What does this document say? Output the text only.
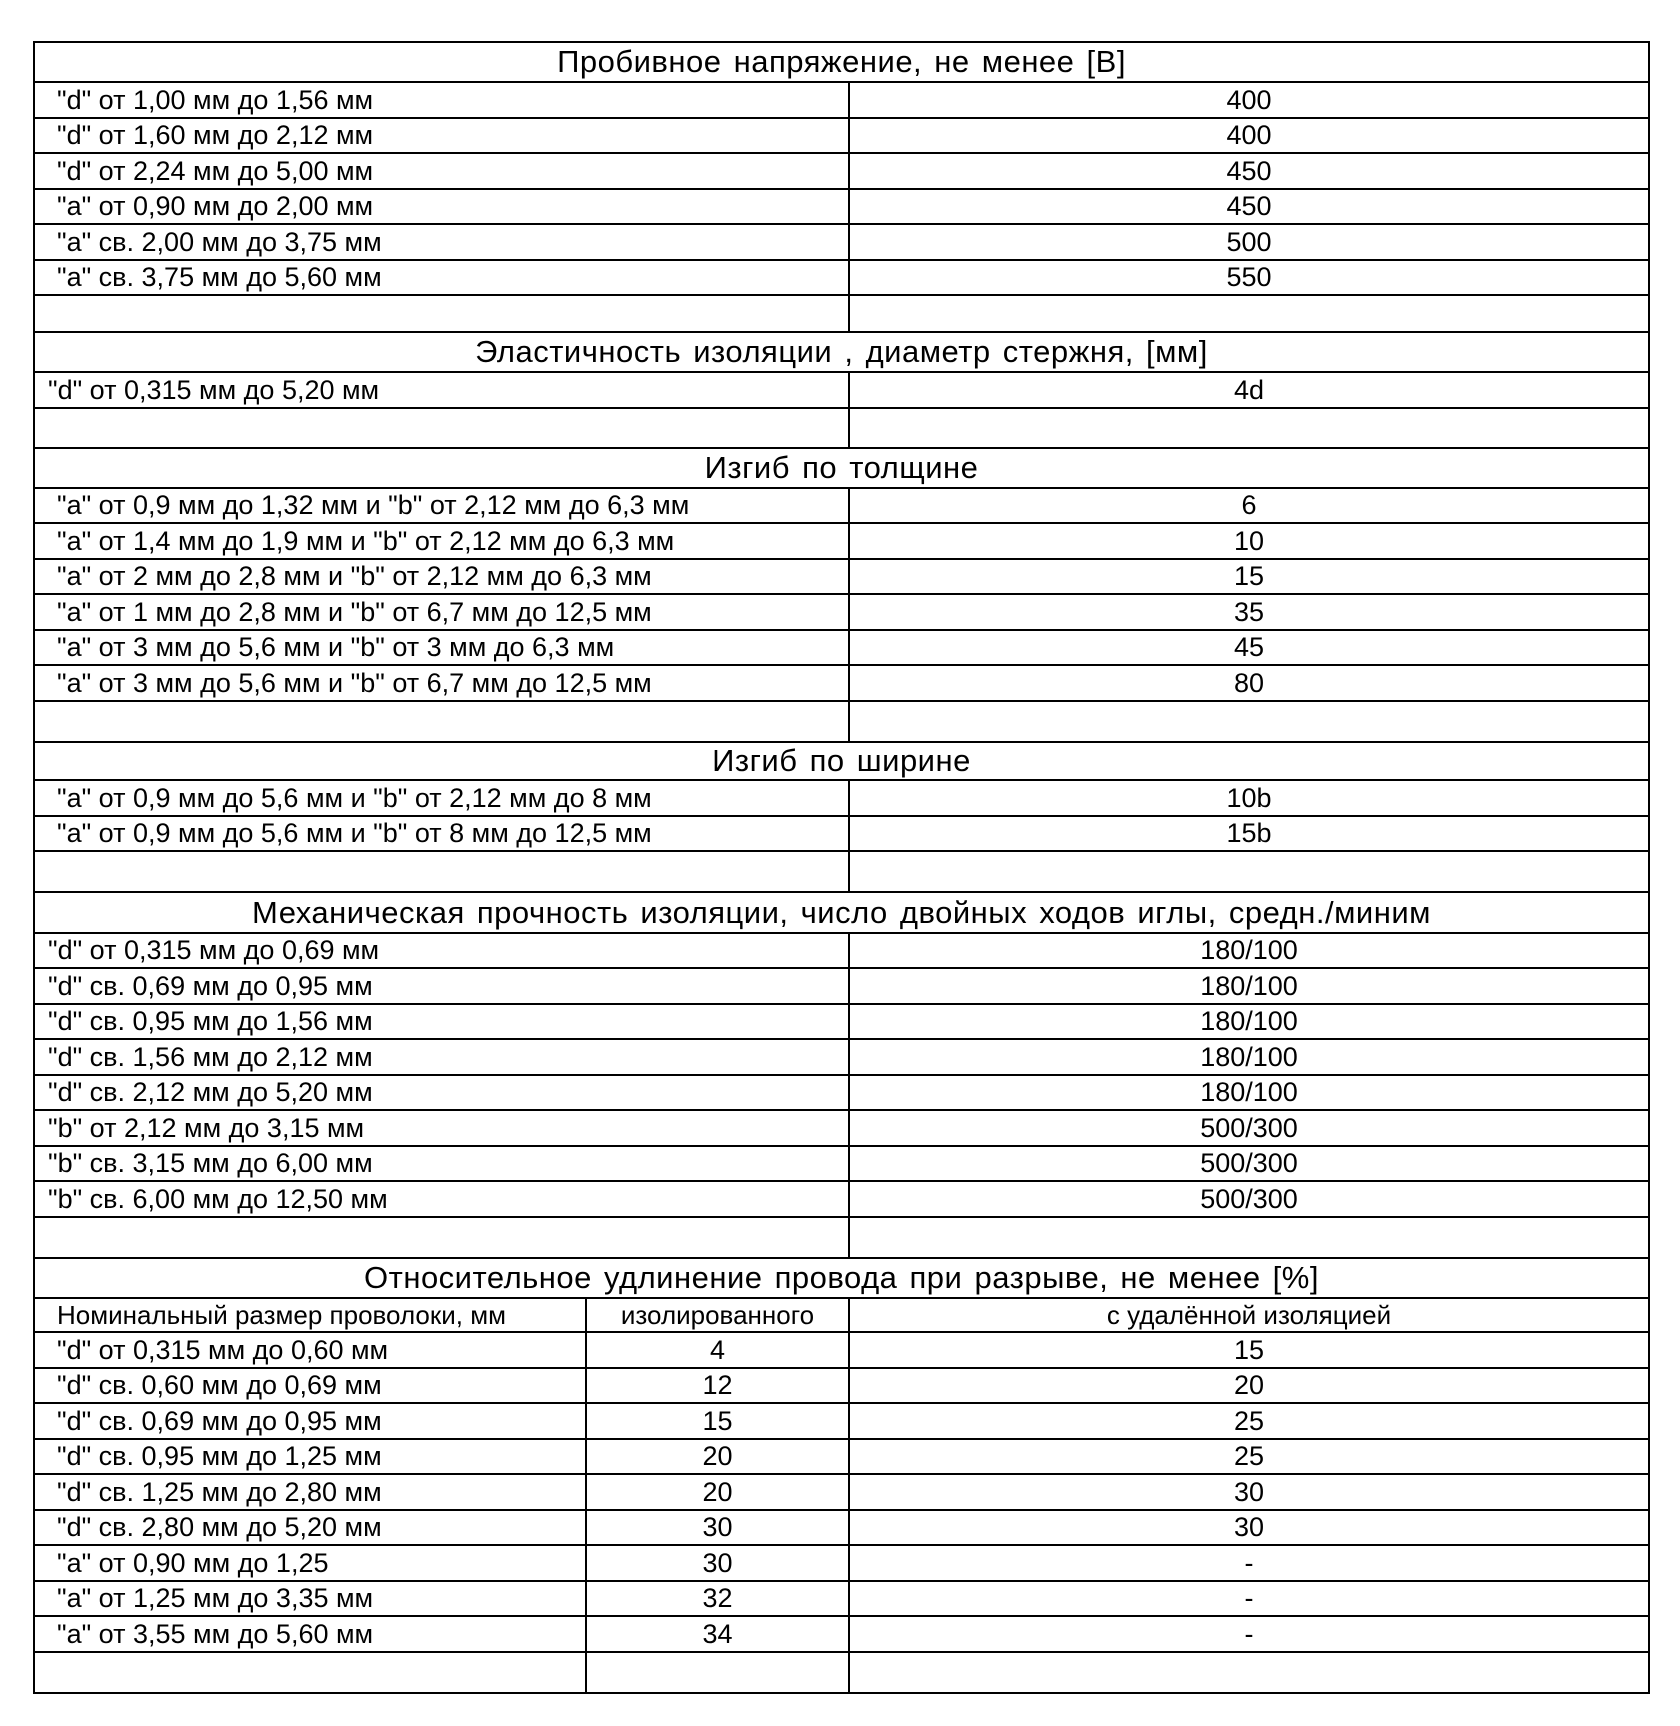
Пробивное напряжение, не менее [В]
"d" от 1,00 мм до 1,56 мм	400
"d" от 1,60 мм до 2,12 мм	400
"d" от 2,24 мм до 5,00 мм	450
"a" от 0,90 мм до 2,00 мм	450
"a" св. 2,00 мм до 3,75 мм	500
"a" св. 3,75 мм до 5,60 мм	550
Эластичность изоляции , диаметр стержня, [мм]
"d" от 0,315 мм до 5,20 мм	4d
Изгиб по толщине
"a" от 0,9 мм до 1,32 мм и "b" от 2,12 мм до 6,3 мм	6
"a" от 1,4 мм до 1,9 мм и "b" от 2,12 мм до 6,3 мм	10
"a" от 2 мм до 2,8 мм и "b" от 2,12 мм до 6,3 мм	15
"a" от 1 мм до 2,8 мм и "b" от 6,7 мм до 12,5 мм	35
"a" от 3 мм до 5,6 мм и "b" от 3 мм до 6,3 мм	45
"a" от 3 мм до 5,6 мм и "b" от 6,7 мм до 12,5 мм	80
Изгиб по ширине
"a" от 0,9 мм до 5,6 мм и "b" от 2,12 мм до 8 мм	10b
"a" от 0,9 мм до 5,6 мм и "b" от 8 мм до 12,5 мм	15b
Механическая прочность изоляции, число двойных ходов иглы, средн./миним
"d" от 0,315 мм до 0,69 мм	180/100
"d" св. 0,69 мм до 0,95 мм	180/100
"d" св. 0,95 мм до 1,56 мм	180/100
"d" св. 1,56 мм до 2,12 мм	180/100
"d" св. 2,12 мм до 5,20 мм	180/100
"b" от 2,12 мм до 3,15 мм	500/300
"b" св. 3,15 мм до 6,00 мм	500/300
"b" св. 6,00 мм до 12,50 мм	500/300
Относительное удлинение провода при разрыве, не менее [%]
Номинальный размер проволоки, мм	изолированного	с удалённой изоляцией
"d" от 0,315 мм до 0,60 мм	4	15
"d" св. 0,60 мм до 0,69 мм	12	20
"d" св. 0,69 мм до 0,95 мм	15	25
"d" св. 0,95 мм до 1,25 мм	20	25
"d" св. 1,25 мм до 2,80 мм	20	30
"d" св. 2,80 мм до 5,20 мм	30	30
"a" от 0,90 мм до 1,25	30	-
"a" от 1,25 мм до 3,35 мм	32	-
"a" от 3,55 мм до 5,60 мм	34	-
